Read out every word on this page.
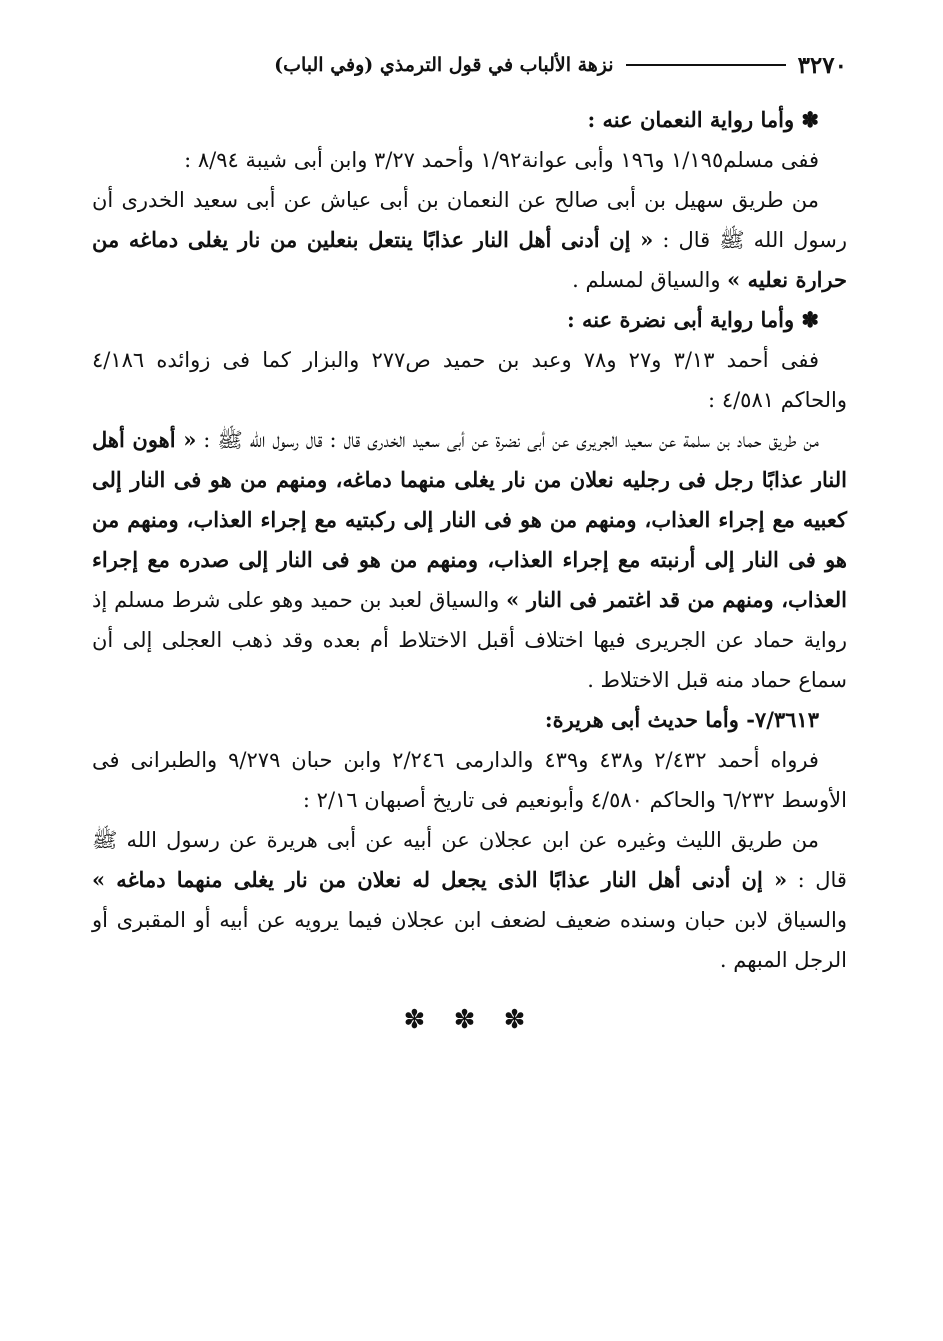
٣٢٧٠
نزهة الألباب في قول الترمذي (وفي الباب)

✽ وأما رواية النعمان عنه :

ففى مسلم١/١٩٥ و١٩٦ وأبى عوانة١/٩٢ وأحمد ٣/٢٧ وابن أبى شيبة ٨/٩٤ :

من طريق سهيل بن أبى صالح عن النعمان بن أبى عياش عن أبى سعيد الخدرى أن رسول الله ﷺ قال : « إن أدنى أهل النار عذابًا ينتعل بنعلين من نار يغلى دماغه من حرارة نعليه » والسياق لمسلم .

✽ وأما رواية أبى نضرة عنه :

ففى أحمد ٣/١٣ و٢٧ و٧٨ وعبد بن حميد ص٢٧٧ والبزار كما فى زوائده ٤/١٨٦ والحاكم ٤/٥٨١ :

من طريق حماد بن سلمة عن سعيد الجريرى عن أبى نضرة عن أبى سعيد الخدرى قال : قال رسول الله ﷺ : « أهون أهل النار عذابًا رجل فى رجليه نعلان من نار يغلى منهما دماغه، ومنهم من هو فى النار إلى كعبيه مع إجراء العذاب، ومنهم من هو فى النار إلى ركبتيه مع إجراء العذاب، ومنهم من هو فى النار إلى أرنبته مع إجراء العذاب، ومنهم من هو فى النار إلى صدره مع إجراء العذاب، ومنهم من قد اغتمر فى النار » والسياق لعبد بن حميد وهو على شرط مسلم إذ رواية حماد عن الجريرى فيها اختلاف أقبل الاختلاط أم بعده وقد ذهب العجلى إلى أن سماع حماد منه قبل الاختلاط .

٧/٣٦١٣- وأما حديث أبى هريرة:

فرواه أحمد ٢/٤٣٢ و٤٣٨ و٤٣٩ والدارمى ٢/٢٤٦ وابن حبان ٩/٢٧٩ والطبرانى فى الأوسط ٦/٢٣٢ والحاكم ٤/٥٨٠ وأبونعيم فى تاريخ أصبهان ٢/١٦ :

من طريق الليث وغيره عن ابن عجلان عن أبيه عن أبى هريرة عن رسول الله ﷺ قال : « إن أدنى أهل النار عذابًا الذى يجعل له نعلان من نار يغلى منهما دماغه » والسياق لابن حبان وسنده ضعيف لضعف ابن عجلان فيما يرويه عن أبيه أو المقبرى أو الرجل المبهم .

✽ ✽ ✽
